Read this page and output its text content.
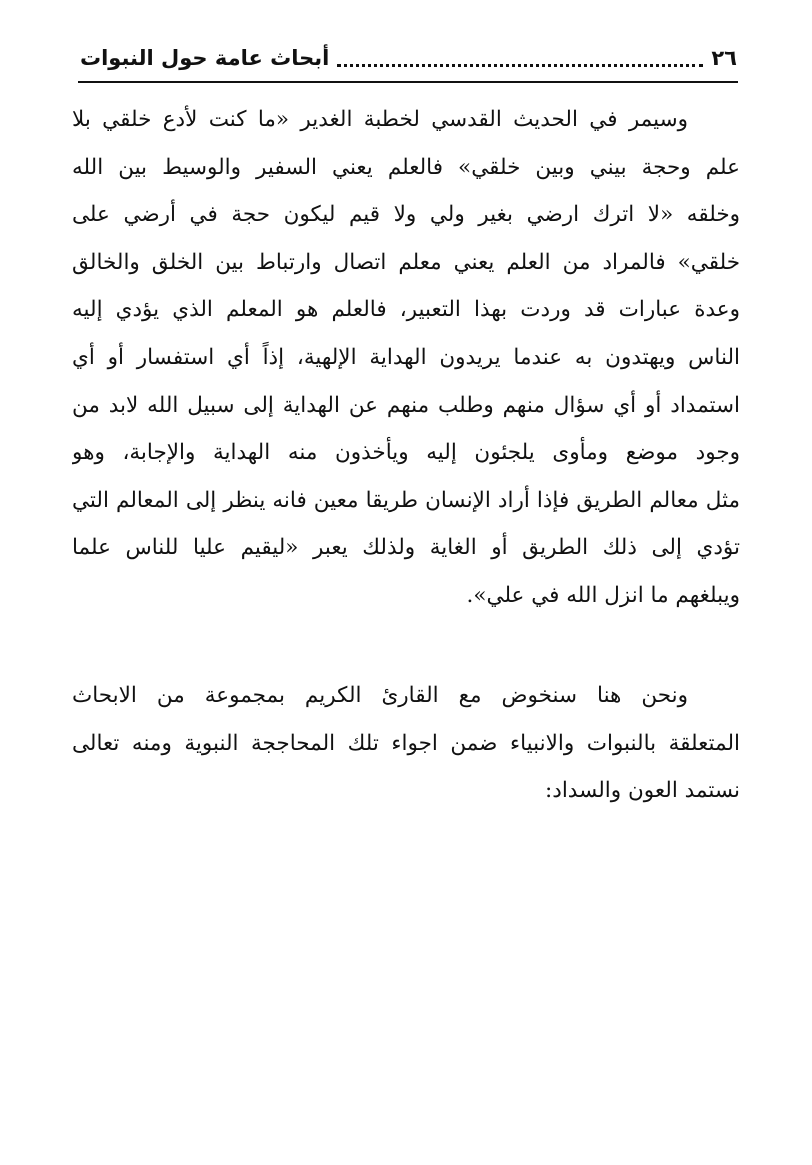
٢٦
أبحاث عامة حول النبوات
وسيمر في الحديث القدسي لخطبة الغدير «ما كنت لأدع خلقي بلا
علم وحجة بيني وبين خلقي» فالعلم يعني السفير والوسيط بين الله
وخلقه «لا اترك ارضي بغير ولي ولا قيم ليكون حجة في أرضي على
خلقي» فالمراد من العلم يعني معلم اتصال وارتباط بين الخلق والخالق
وعدة عبارات قد وردت بهذا التعبير، فالعلم هو المعلم الذي يؤدي إليه
الناس ويهتدون به عندما يريدون الهداية الإلهية، إذاً أي استفسار أو أي
استمداد أو أي سؤال منهم وطلب منهم عن الهداية إلى سبيل الله لابد من
وجود موضع ومأوى يلجئون إليه ويأخذون منه الهداية والإجابة، وهو
مثل معالم الطريق فإذا أراد الإنسان طريقا معين فانه ينظر إلى المعالم التي
تؤدي إلى ذلك الطريق أو الغاية ولذلك يعبر «ليقيم عليا للناس علما
ويبلغهم ما انزل الله في علي».
ونحن هنا سنخوض مع القارئ الكريم بمجموعة من الابحاث
المتعلقة بالنبوات والانبياء ضمن اجواء تلك المحاججة النبوية ومنه تعالى
نستمد العون والسداد:
